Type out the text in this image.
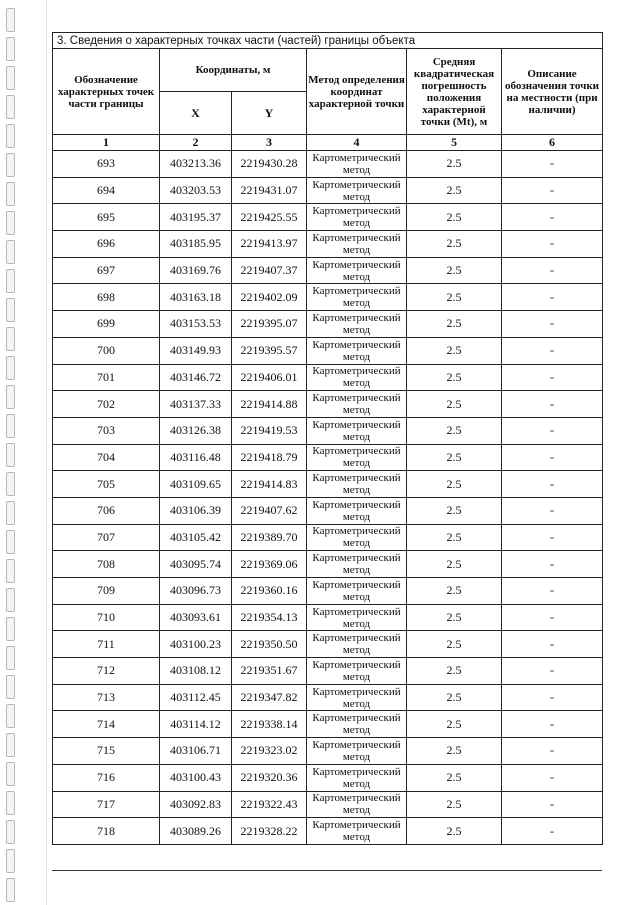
3. Сведения о характерных точках части (частей) границы объекта					
Обозначение характерных точек части границы	Координаты, м		Метод определения координат характерной точки	Средняя квадратическая погрешность положения характерной точки (Mt), м	Описание обозначения точки на местности (при наличии)
	X	Y			
1	2	3	4	5	6
693	403213.36	2219430.28	Картометрический метод	2.5	-
694	403203.53	2219431.07	Картометрический метод	2.5	-
695	403195.37	2219425.55	Картометрический метод	2.5	-
696	403185.95	2219413.97	Картометрический метод	2.5	-
697	403169.76	2219407.37	Картометрический метод	2.5	-
698	403163.18	2219402.09	Картометрический метод	2.5	-
699	403153.53	2219395.07	Картометрический метод	2.5	-
700	403149.93	2219395.57	Картометрический метод	2.5	-
701	403146.72	2219406.01	Картометрический метод	2.5	-
702	403137.33	2219414.88	Картометрический метод	2.5	-
703	403126.38	2219419.53	Картометрический метод	2.5	-
704	403116.48	2219418.79	Картометрический метод	2.5	-
705	403109.65	2219414.83	Картометрический метод	2.5	-
706	403106.39	2219407.62	Картометрический метод	2.5	-
707	403105.42	2219389.70	Картометрический метод	2.5	-
708	403095.74	2219369.06	Картометрический метод	2.5	-
709	403096.73	2219360.16	Картометрический метод	2.5	-
710	403093.61	2219354.13	Картометрический метод	2.5	-
711	403100.23	2219350.50	Картометрический метод	2.5	-
712	403108.12	2219351.67	Картометрический метод	2.5	-
713	403112.45	2219347.82	Картометрический метод	2.5	-
714	403114.12	2219338.14	Картометрический метод	2.5	-
715	403106.71	2219323.02	Картометрический метод	2.5	-
716	403100.43	2219320.36	Картометрический метод	2.5	-
717	403092.83	2219322.43	Картометрический метод	2.5	-
718	403089.26	2219328.22	Картометрический метод	2.5	-
